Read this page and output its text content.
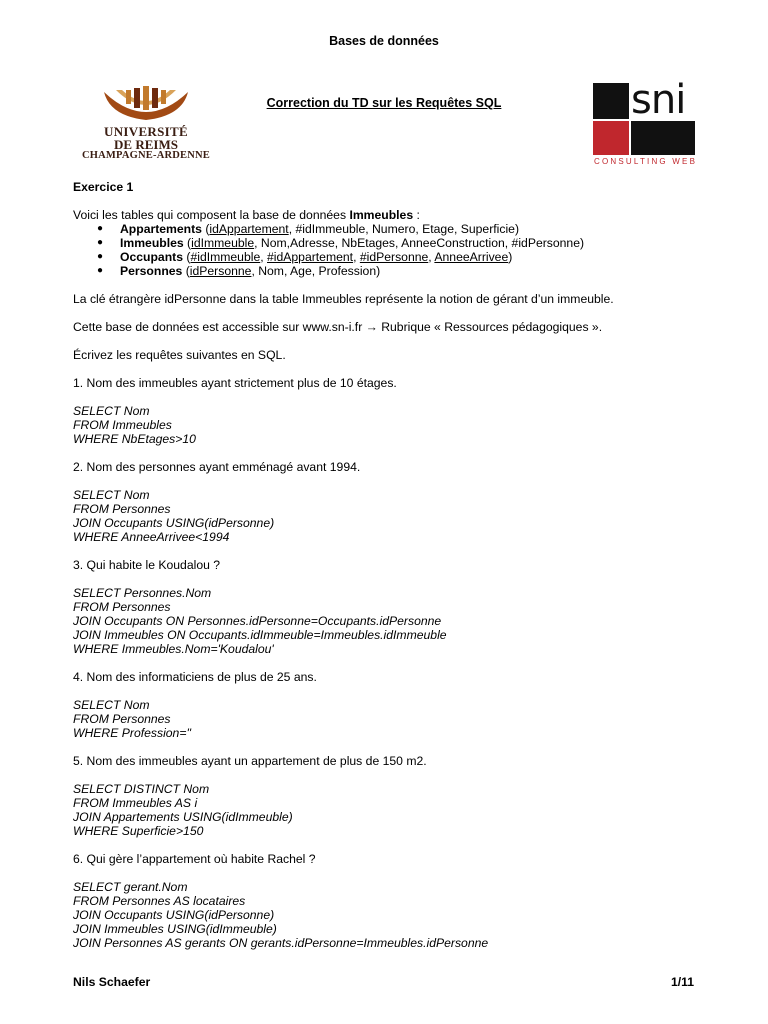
Bases de données
UNIVERSITÉ
DE REIMS
CHAMPAGNE-ARDENNE
Correction du TD sur les Requêtes SQL	sni
CONSULTING WEB

Exercice 1

Voici les tables qui composent la base de données Immeubles :

● Appartements (idAppartement, #idImmeuble, Numero, Etage, Superficie)
● Immeubles (idImmeuble, Nom,Adresse, NbEtages, AnneeConstruction, #idPersonne)
● Occupants (#idImmeuble, #idAppartement, #idPersonne, AnneeArrivee)
● Personnes (idPersonne, Nom, Age, Profession)

La clé étrangère idPersonne dans la table Immeubles représente la notion de gérant d’un immeuble.

Cette base de données est accessible sur www.sn-i.fr → Rubrique « Ressources pédagogiques ».

Écrivez les requêtes suivantes en SQL.

1. Nom des immeubles ayant strictement plus de 10 étages.

SELECT Nom

FROM Immeubles

WHERE NbEtages>10

2. Nom des personnes ayant emménagé avant 1994.

SELECT Nom

FROM Personnes

JOIN Occupants USING(idPersonne)

WHERE AnneeArrivee<1994

3. Qui habite le Koudalou ?

SELECT Personnes.Nom

FROM Personnes

JOIN Occupants ON Personnes.idPersonne=Occupants.idPersonne

JOIN Immeubles ON Occupants.idImmeuble=Immeubles.idImmeuble

WHERE Immeubles.Nom='Koudalou'

4. Nom des informaticiens de plus de 25 ans.

SELECT Nom

FROM Personnes

WHERE Profession=''

5. Nom des immeubles ayant un appartement de plus de 150 m2.

SELECT DISTINCT Nom

FROM Immeubles AS i

JOIN Appartements USING(idImmeuble)

WHERE Superficie>150

6. Qui gère l’appartement où habite Rachel ?

SELECT gerant.Nom

FROM Personnes AS locataires

JOIN Occupants USING(idPersonne)

JOIN Immeubles USING(idImmeuble)

JOIN Personnes AS gerants ON gerants.idPersonne=Immeubles.idPersonne

Nils Schaefer	1/11
